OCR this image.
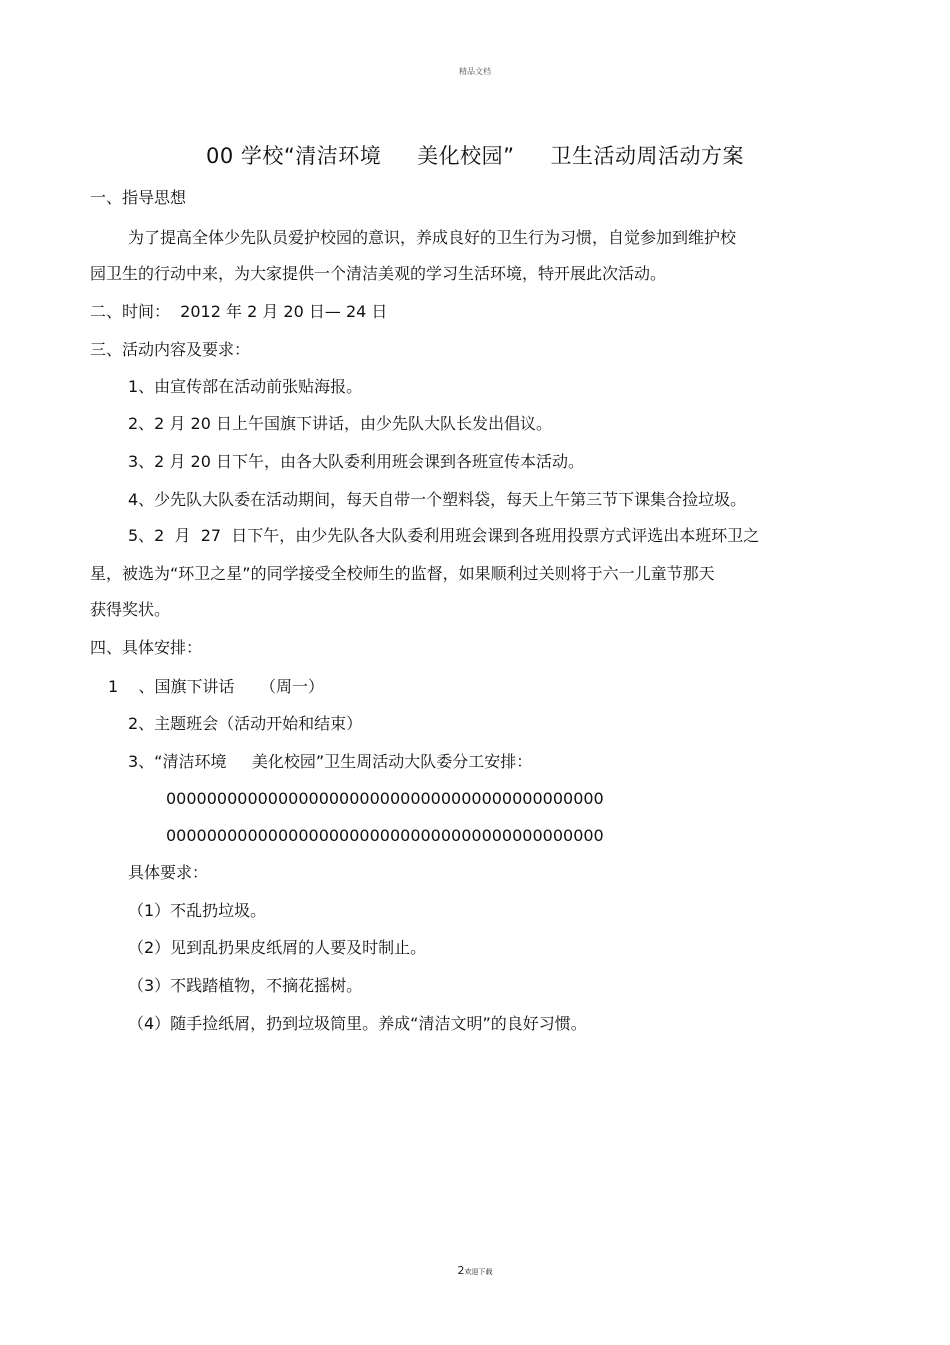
精品文档
00 学校“清洁环境     美化校园”     卫生活动周活动方案
一、指导思想
为了提高全体少先队员爱护校园的意识，养成良好的卫生行为习惯，自觉参加到维护校
园卫生的行动中来，为大家提供一个清洁美观的学习生活环境，特开展此次活动。
二、时间：  2012 年 2 月 20 日— 24 日
三、活动内容及要求：
1、由宣传部在活动前张贴海报。
2、2 月 20 日上午国旗下讲话，由少先队大队长发出倡议。
3、2 月 20 日下午，由各大队委利用班会课到各班宣传本活动。
4、少先队大队委在活动期间，每天自带一个塑料袋，每天上午第三节下课集合捡垃圾。
5、2  月  27  日下午，由少先队各大队委利用班会课到各班用投票方式评选出本班环卫之
星，被选为“环卫之星”的同学接受全校师生的监督，如果顺利过关则将于六一儿童节那天
获得奖状。
四、具体安排：
1    、国旗下讲话     （周一）
2、主题班会（活动开始和结束）
3、“清洁环境     美化校园”卫生周活动大队委分工安排：
0000000000000000000000000000000000000000000
0000000000000000000000000000000000000000000
具体要求：
（1）不乱扔垃圾。
（2）见到乱扔果皮纸屑的人要及时制止。
（3）不践踏植物，不摘花摇树。
（4）随手捡纸屑，扔到垃圾筒里。养成“清洁文明”的良好习惯。
2欢迎下载
